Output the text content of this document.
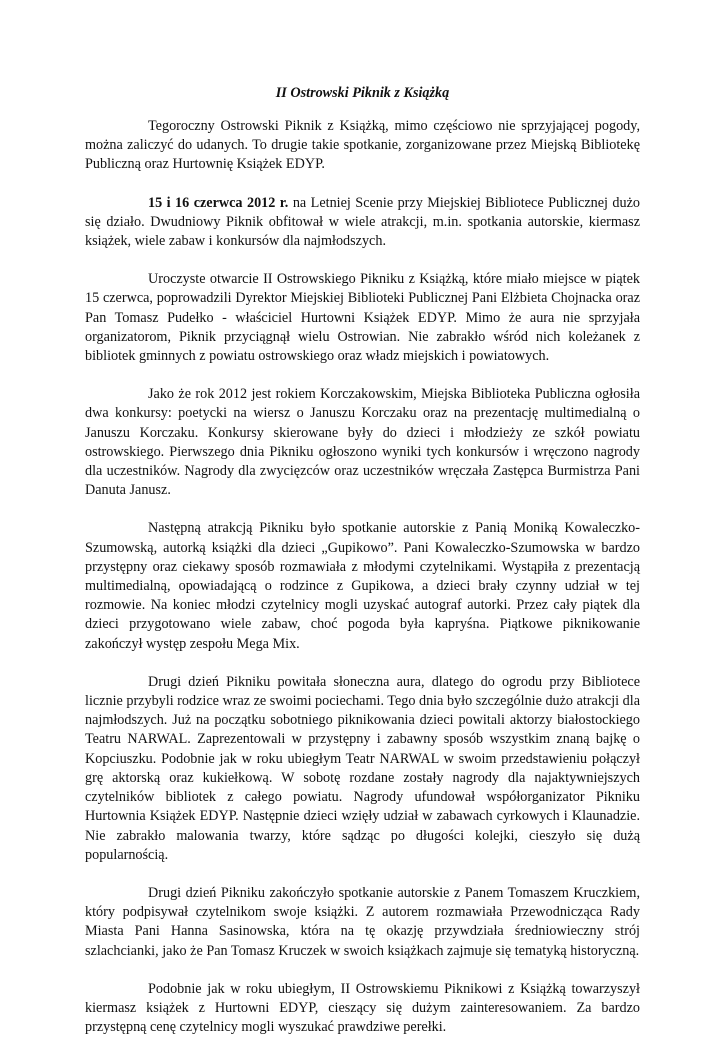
II Ostrowski Piknik z Książką

Tegoroczny Ostrowski Piknik z Książką, mimo częściowo nie sprzyjającej pogody, można zaliczyć do udanych. To drugie takie spotkanie, zorganizowane przez Miejską Bibliotekę Publiczną oraz Hurtownię Książek EDYP.

15 i 16 czerwca 2012 r. na Letniej Scenie przy Miejskiej Bibliotece Publicznej dużo się działo. Dwudniowy Piknik obfitował w wiele atrakcji, m.in. spotkania autorskie, kiermasz książek, wiele zabaw i konkursów dla najmłodszych.

Uroczyste otwarcie II Ostrowskiego Pikniku z Książką, które miało miejsce w piątek 15 czerwca, poprowadzili Dyrektor Miejskiej Biblioteki Publicznej Pani Elżbieta Chojnacka oraz Pan Tomasz Pudełko - właściciel Hurtowni Książek EDYP. Mimo że aura nie sprzyjała organizatorom, Piknik przyciągnął wielu Ostrowian. Nie zabrakło wśród nich koleżanek z bibliotek gminnych z powiatu ostrowskiego oraz władz miejskich i powiatowych.

Jako że rok 2012 jest rokiem Korczakowskim, Miejska Biblioteka Publiczna ogłosiła dwa konkursy: poetycki na wiersz o Januszu Korczaku oraz na prezentację multimedialną o Januszu Korczaku. Konkursy skierowane były do dzieci i młodzieży ze szkół powiatu ostrowskiego. Pierwszego dnia Pikniku ogłoszono wyniki tych konkursów i wręczono nagrody dla uczestników. Nagrody dla zwycięzców oraz uczestników wręczała Zastępca Burmistrza Pani Danuta Janusz.

Następną atrakcją Pikniku było spotkanie autorskie z Panią Moniką Kowaleczko-Szumowską, autorką książki dla dzieci „Gupikowo”. Pani Kowaleczko-Szumowska w bardzo przystępny oraz ciekawy sposób rozmawiała z młodymi czytelnikami. Wystąpiła z prezentacją multimedialną, opowiadającą o rodzince z Gupikowa, a dzieci brały czynny udział w tej rozmowie. Na koniec młodzi czytelnicy mogli uzyskać autograf autorki. Przez cały piątek dla dzieci przygotowano wiele zabaw, choć pogoda była kapryśna. Piątkowe piknikowanie zakończył występ zespołu Mega Mix.

Drugi dzień Pikniku powitała słoneczna aura, dlatego do ogrodu przy Bibliotece licznie przybyli rodzice wraz ze swoimi pociechami. Tego dnia było szczególnie dużo atrakcji dla najmłodszych. Już na początku sobotniego piknikowania dzieci powitali aktorzy białostockiego Teatru NARWAL. Zaprezentowali w przystępny i zabawny sposób wszystkim znaną bajkę o Kopciuszku. Podobnie jak w roku ubiegłym Teatr NARWAL w swoim przedstawieniu połączył grę aktorską oraz kukiełkową. W sobotę rozdane zostały nagrody dla najaktywniejszych czytelników bibliotek z całego powiatu. Nagrody ufundował współorganizator Pikniku Hurtownia Książek EDYP. Następnie dzieci wzięły udział w zabawach cyrkowych i Klaunadzie. Nie zabrakło malowania twarzy, które sądząc po długości kolejki, cieszyło się dużą popularnością.

Drugi dzień Pikniku zakończyło spotkanie autorskie z Panem Tomaszem Kruczkiem, który podpisywał czytelnikom swoje książki. Z autorem rozmawiała Przewodnicząca Rady Miasta Pani Hanna Sasinowska, która na tę okazję przywdziała średniowieczny strój szlachcianki, jako że Pan Tomasz Kruczek w swoich książkach zajmuje się tematyką historyczną.

Podobnie jak w roku ubiegłym, II Ostrowskiemu Piknikowi z Książką towarzyszył kiermasz książek z Hurtowni EDYP, cieszący się dużym zainteresowaniem. Za bardzo przystępną cenę czytelnicy mogli wyszukać prawdziwe perełki.
